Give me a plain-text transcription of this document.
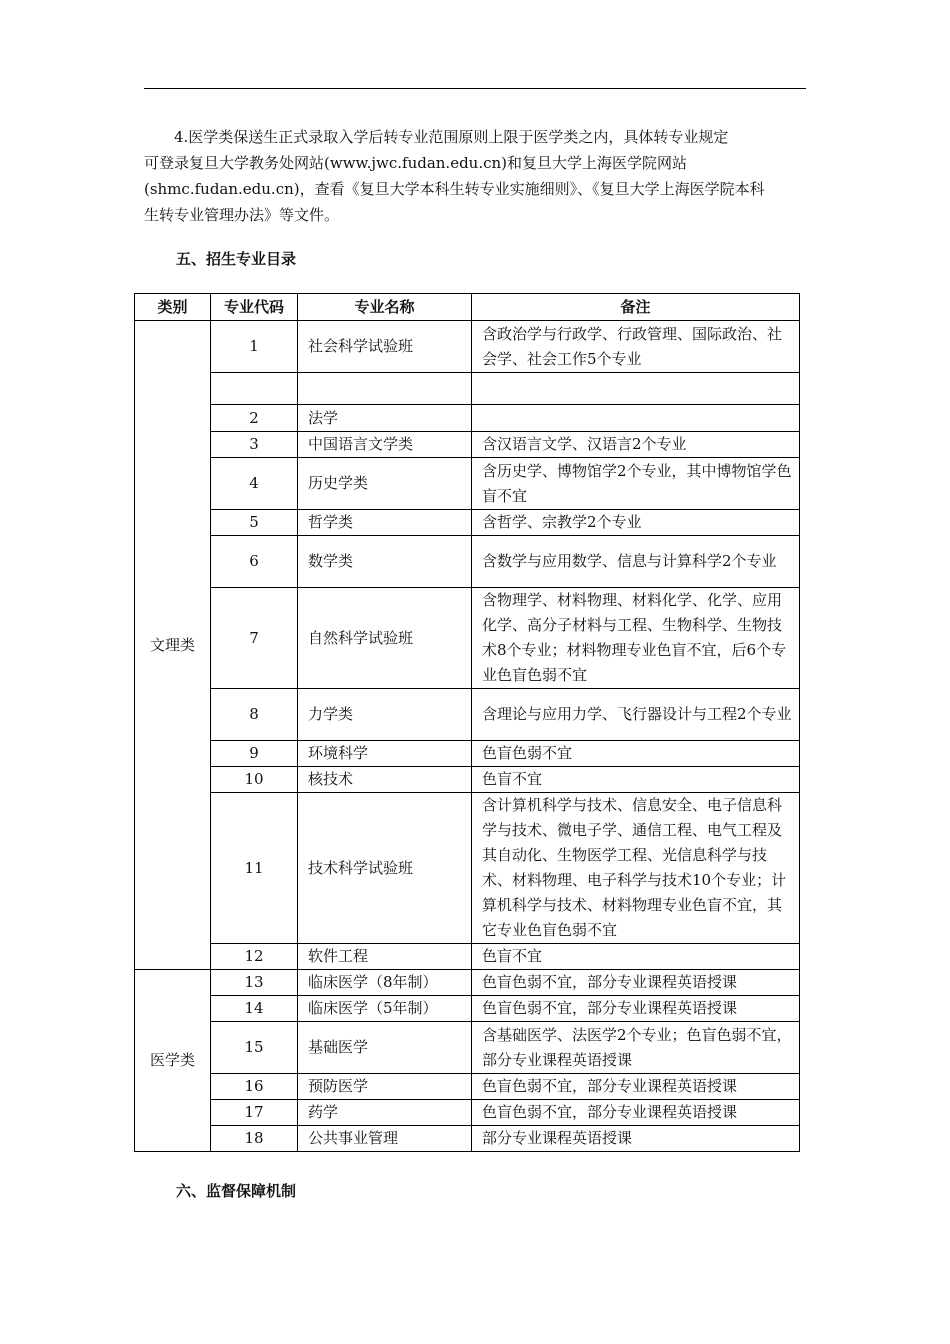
4.医学类保送生正式录取入学后转专业范围原则上限于医学类之内，具体转专业规定
可登录复旦大学教务处网站(www.jwc.fudan.edu.cn)和复旦大学上海医学院网站
(shmc.fudan.edu.cn)，查看《复旦大学本科生转专业实施细则》、《复旦大学上海医学院本科
生转专业管理办法》等文件。

五、招生专业目录
类别	专业代码	专业名称	备注
文理类	1	社会科学试验班	含政治学与行政学、行政管理、国际政治、社会学、社会工作5个专业

	2	法学	
	3	中国语言文学类	含汉语言文学、汉语言2个专业
	4	历史学类	含历史学、博物馆学2个专业，其中博物馆学色盲不宜
	5	哲学类	含哲学、宗教学2个专业
	6	数学类	含数学与应用数学、信息与计算科学2个专业
	7	自然科学试验班	含物理学、材料物理、材料化学、化学、应用化学、高分子材料与工程、生物科学、生物技术8个专业；材料物理专业色盲不宜，后6个专业色盲色弱不宜
	8	力学类	含理论与应用力学、飞行器设计与工程2个专业
	9	环境科学	色盲色弱不宜
	10	核技术	色盲不宜
	11	技术科学试验班	含计算机科学与技术、信息安全、电子信息科学与技术、微电子学、通信工程、电气工程及其自动化、生物医学工程、光信息科学与技术、材料物理、电子科学与技术10个专业；计算机科学与技术、材料物理专业色盲不宜，其它专业色盲色弱不宜
	12	软件工程	色盲不宜
医学类	13	临床医学（8年制）	色盲色弱不宜，部分专业课程英语授课
	14	临床医学（5年制）	色盲色弱不宜，部分专业课程英语授课
	15	基础医学	含基础医学、法医学2个专业；色盲色弱不宜，部分专业课程英语授课
	16	预防医学	色盲色弱不宜，部分专业课程英语授课
	17	药学	色盲色弱不宜，部分专业课程英语授课
	18	公共事业管理	部分专业课程英语授课
六、监督保障机制
